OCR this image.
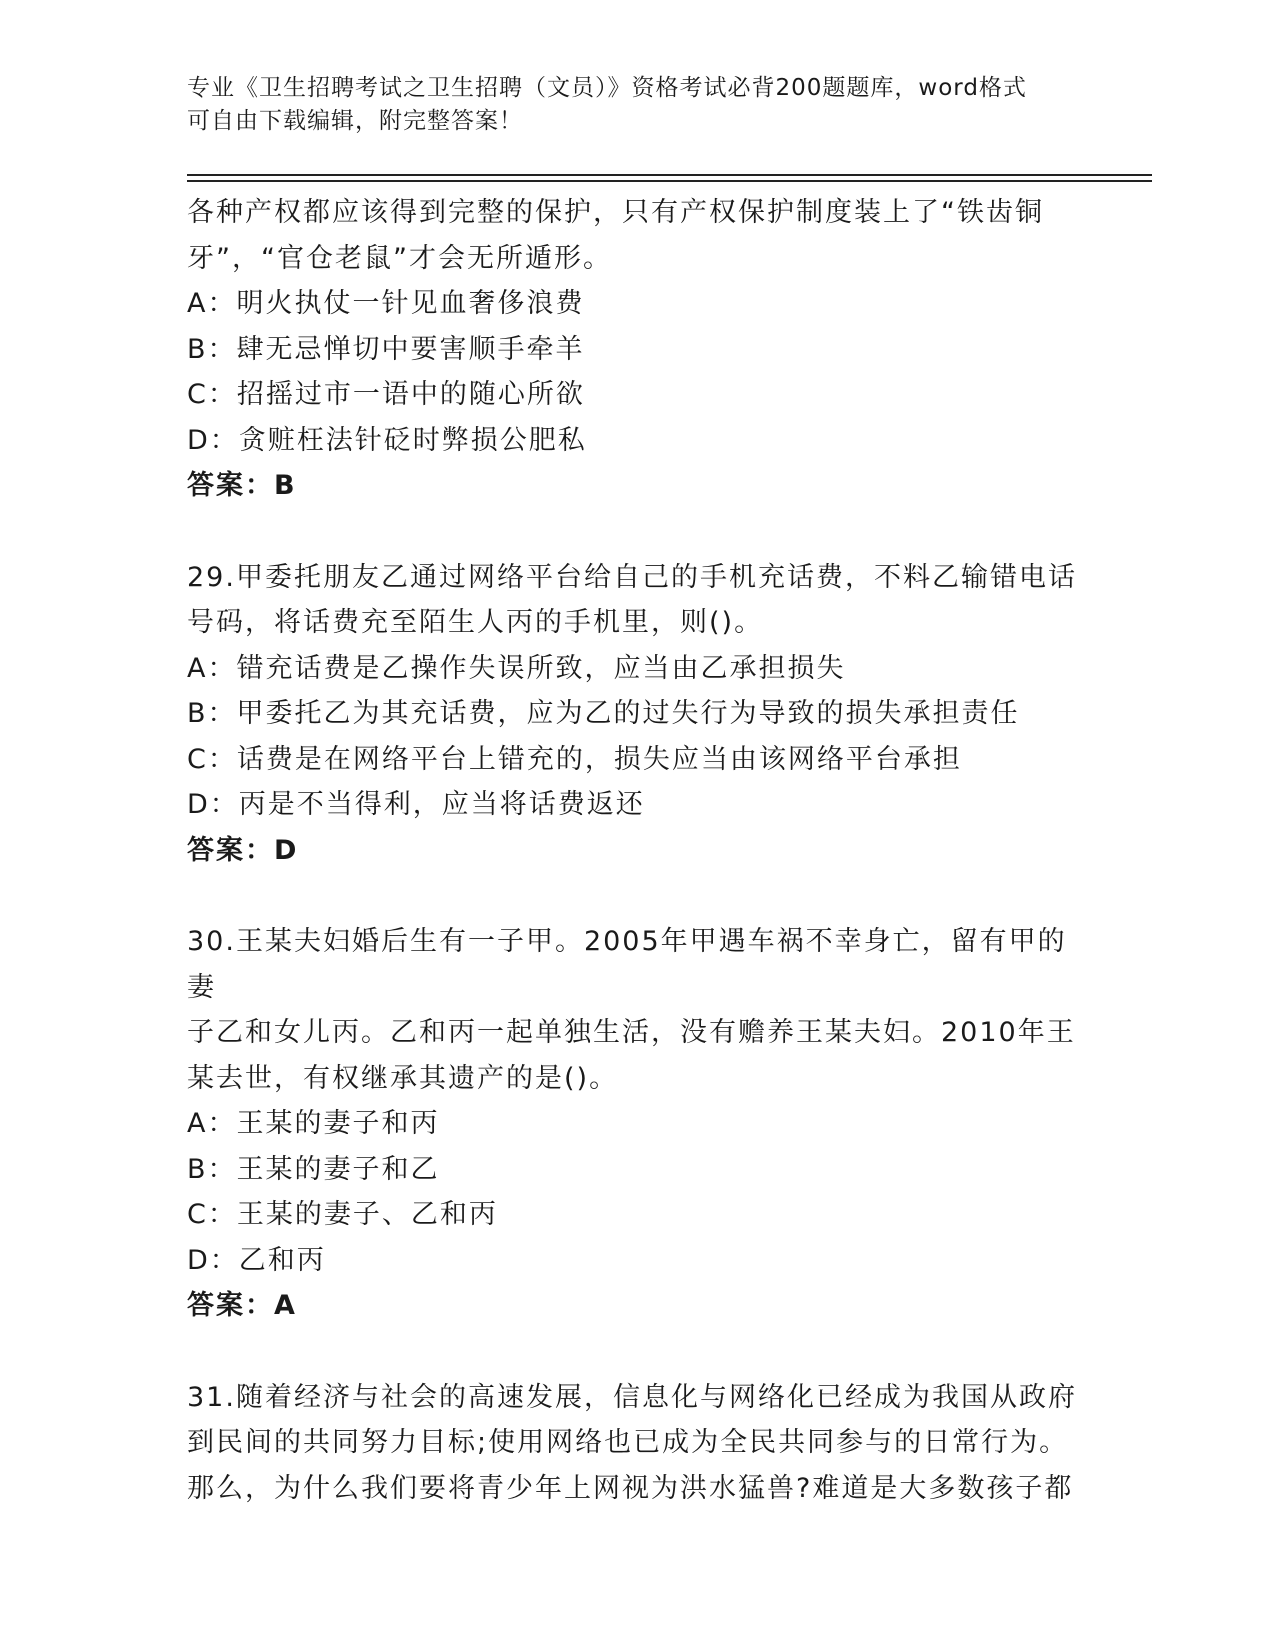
专业《卫生招聘考试之卫生招聘（文员）》资格考试必背200题题库，word格式
可自由下载编辑，附完整答案！

各种产权都应该得到完整的保护，只有产权保护制度装上了“铁齿铜

牙”，“官仓老鼠”才会无所遁形。

A：明火执仗一针见血奢侈浪费

B：肆无忌惮切中要害顺手牵羊

C：招摇过市一语中的随心所欲

D：贪赃枉法针砭时弊损公肥私

答案：B

29.甲委托朋友乙通过网络平台给自己的手机充话费，不料乙输错电话

号码，将话费充至陌生人丙的手机里，则()。

A：错充话费是乙操作失误所致，应当由乙承担损失

B：甲委托乙为其充话费，应为乙的过失行为导致的损失承担责任

C：话费是在网络平台上错充的，损失应当由该网络平台承担

D：丙是不当得利，应当将话费返还

答案：D

30.王某夫妇婚后生有一子甲。2005年甲遇车祸不幸身亡，留有甲的妻

子乙和女儿丙。乙和丙一起单独生活，没有赡养王某夫妇。2010年王

某去世，有权继承其遗产的是()。

A：王某的妻子和丙

B：王某的妻子和乙

C：王某的妻子、乙和丙

D：乙和丙

答案：A

31.随着经济与社会的高速发展，信息化与网络化已经成为我国从政府

到民间的共同努力目标;使用网络也已成为全民共同参与的日常行为。

那么，为什么我们要将青少年上网视为洪水猛兽?难道是大多数孩子都
